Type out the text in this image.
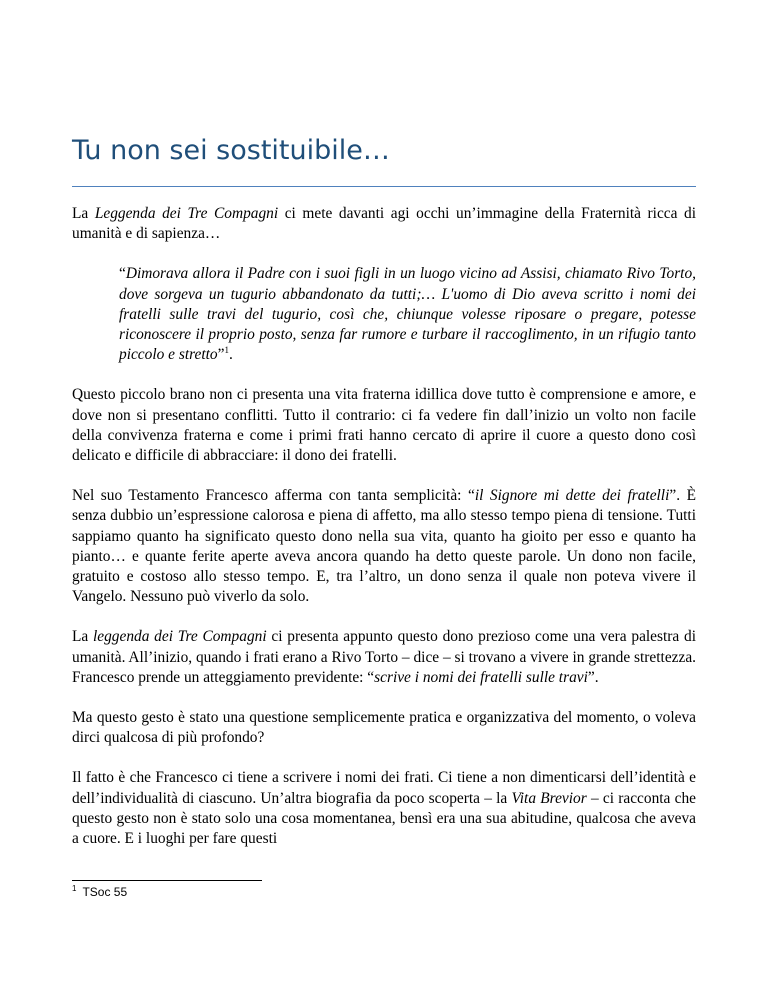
Tu non sei sostituibile…

La Leggenda dei Tre Compagni ci mete davanti agi occhi un’immagine della Fraternità ricca di umanità e di sapienza…

“Dimorava allora il Padre con i suoi figli in un luogo vicino ad Assisi, chiamato Rivo Torto, dove sorgeva un tugurio abbandonato da tutti;… L'uomo di Dio aveva scritto i nomi dei fratelli sulle travi del tugurio, così che, chiunque volesse riposare o pregare, potesse riconoscere il proprio posto, senza far rumore e turbare il raccoglimento, in un rifugio tanto piccolo e stretto”$^1$.

Questo piccolo brano non ci presenta una vita fraterna idillica dove tutto è comprensione e amore, e dove non si presentano conflitti. Tutto il contrario: ci fa vedere fin dall’inizio un volto non facile della convivenza fraterna e come i primi frati hanno cercato di aprire il cuore a questo dono così delicato e difficile di abbracciare: il dono dei fratelli.

Nel suo Testamento Francesco afferma con tanta semplicità: “il Signore mi dette dei fratelli”. È senza dubbio un’espressione calorosa e piena di affetto, ma allo stesso tempo piena di tensione. Tutti sappiamo quanto ha significato questo dono nella sua vita, quanto ha gioito per esso e quanto ha pianto… e quante ferite aperte aveva ancora quando ha detto queste parole. Un dono non facile, gratuito e costoso allo stesso tempo. E, tra l’altro, un dono senza il quale non poteva vivere il Vangelo. Nessuno può viverlo da solo.

La leggenda dei Tre Compagni ci presenta appunto questo dono prezioso come una vera palestra di umanità. All’inizio, quando i frati erano a Rivo Torto – dice – si trovano a vivere in grande strettezza. Francesco prende un atteggiamento previdente: “scrive i nomi dei fratelli sulle travi”.

Ma questo gesto è stato una questione semplicemente pratica e organizzativa del momento, o voleva dirci qualcosa di più profondo?

Il fatto è che Francesco ci tiene a scrivere i nomi dei frati. Ci tiene a non dimenticarsi dell’identità e dell’individualità di ciascuno. Un’altra biografia da poco scoperta – la Vita Brevior – ci racconta che questo gesto non è stato solo una cosa momentanea, bensì era una sua abitudine, qualcosa che aveva a cuore. E i luoghi per fare questi

$^1$ TSoc 55
